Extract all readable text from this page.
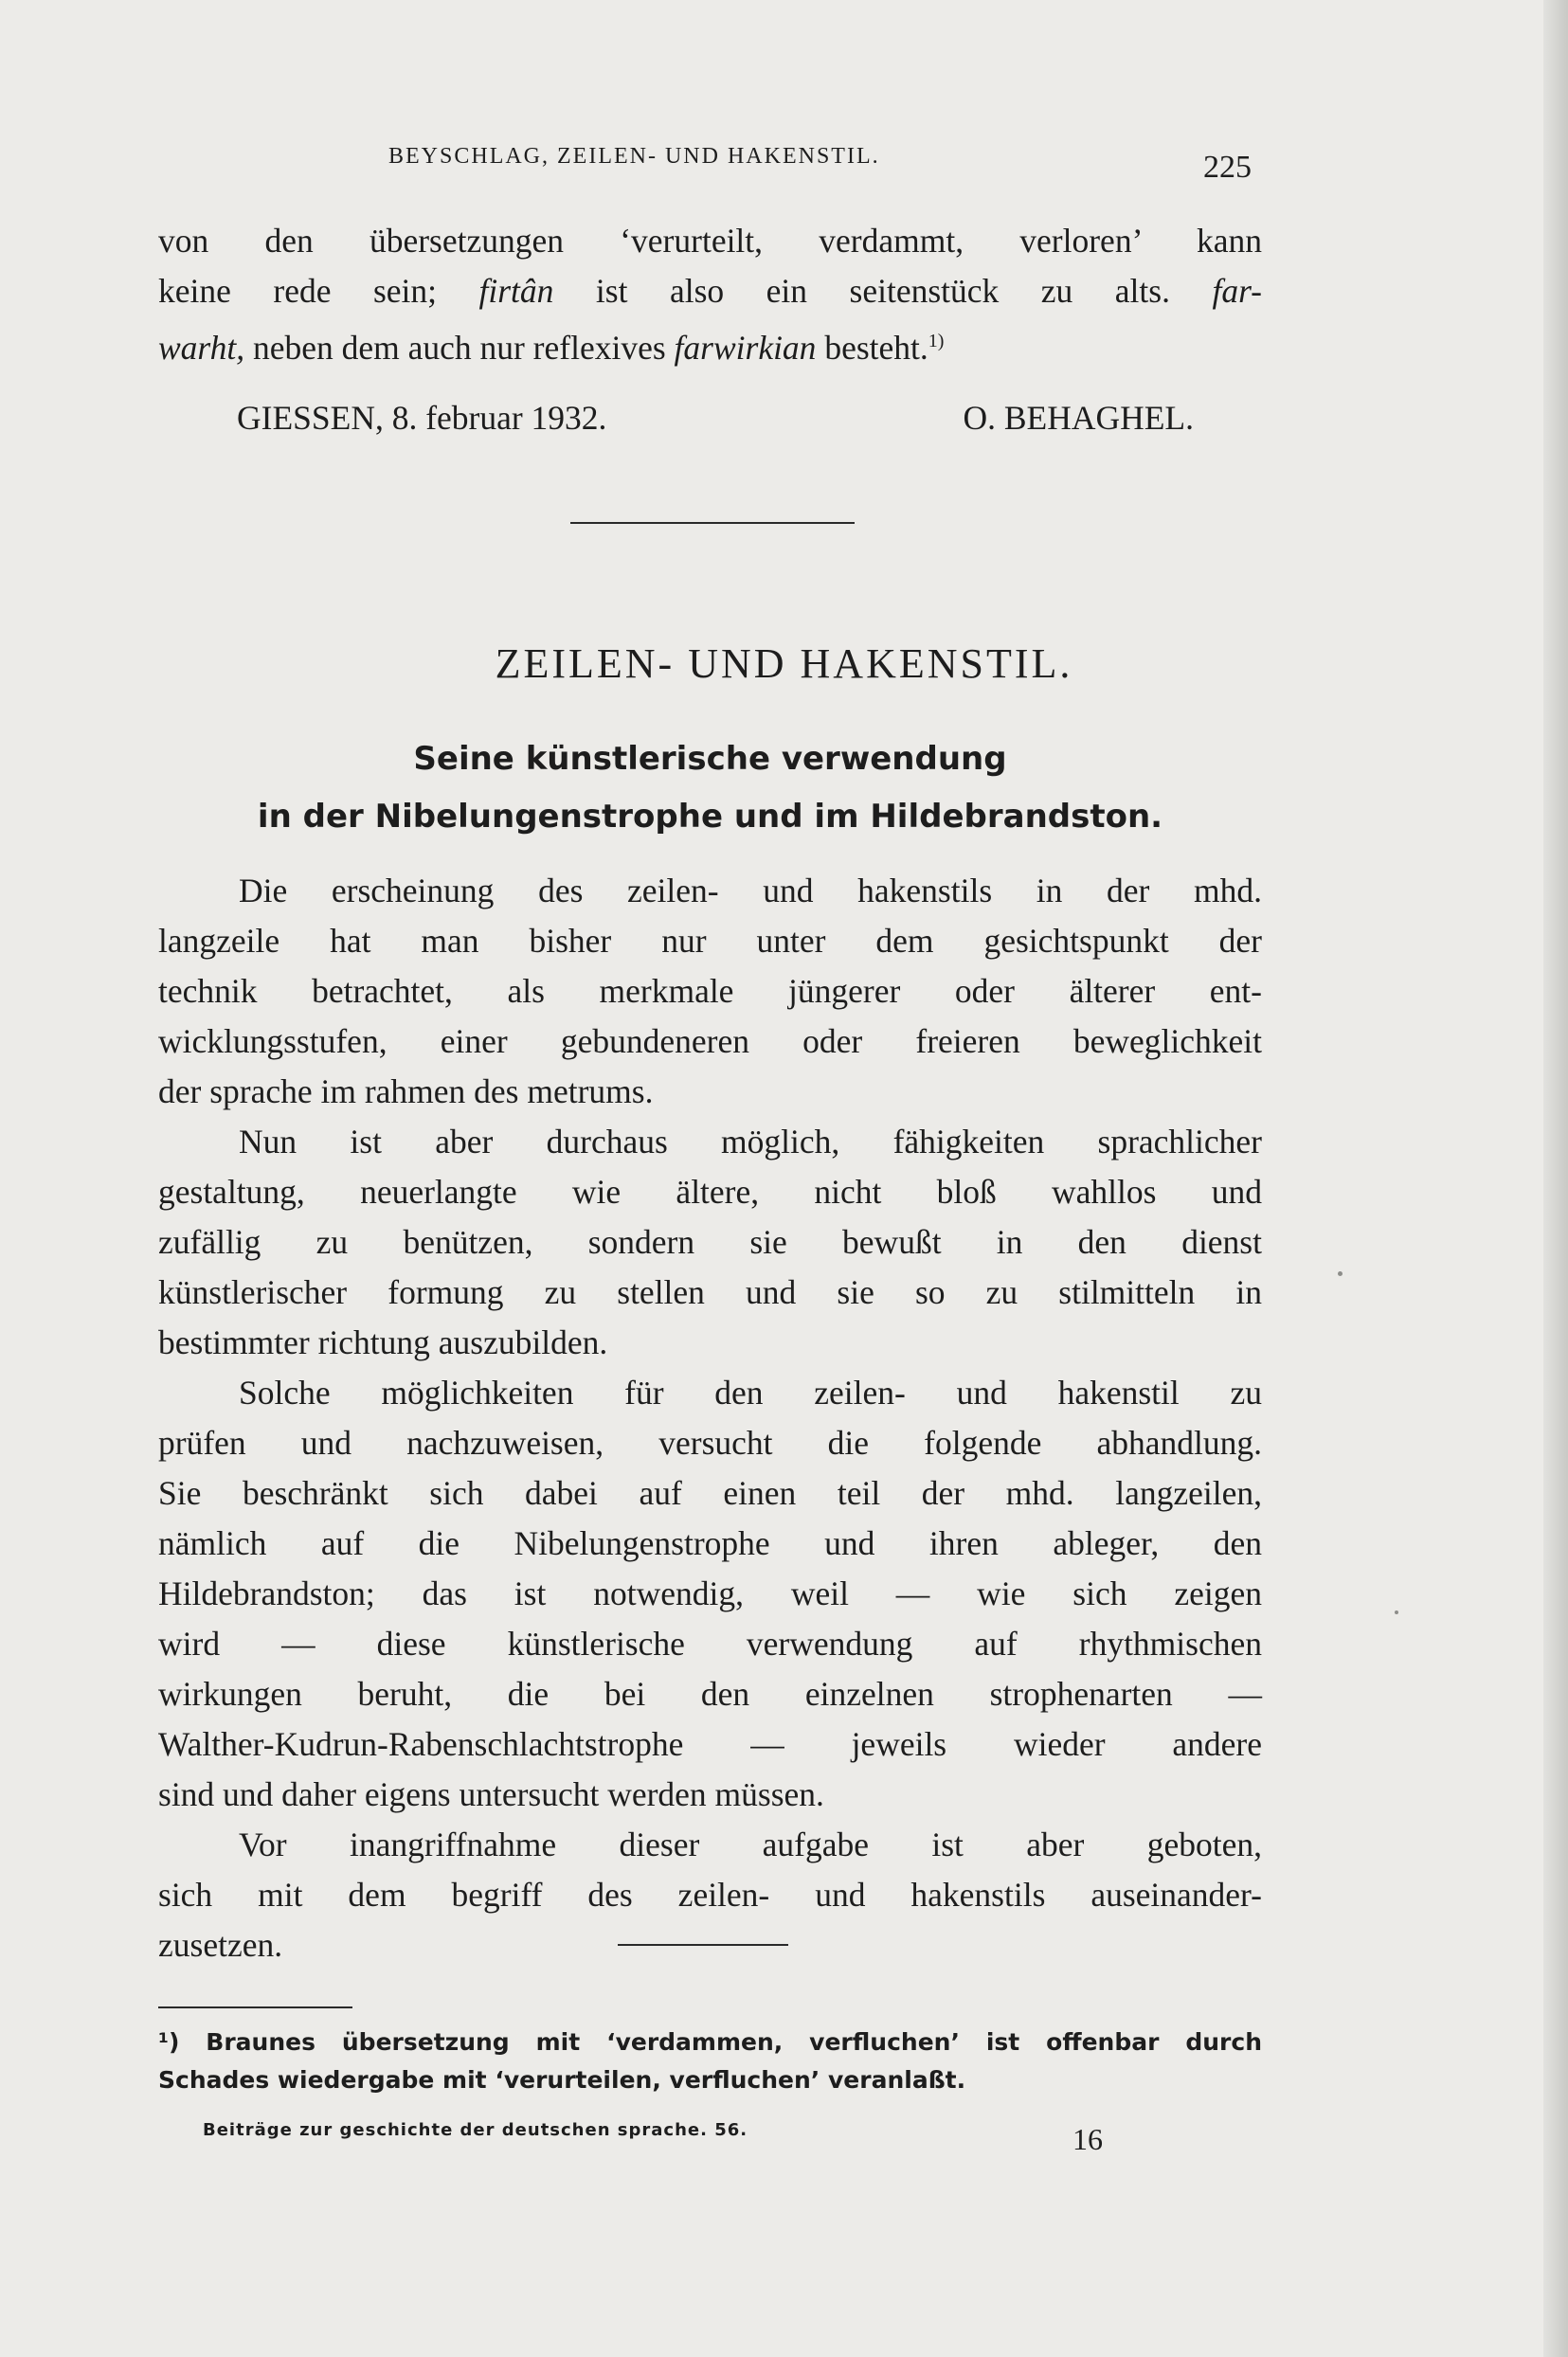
BEYSCHLAG, ZEILEN- UND HAKENSTIL.	225

von den übersetzungen ‘verurteilt, verdammt, verloren’ kann

keine rede sein; firtân ist also ein seitenstück zu alts. far-

warht, neben dem auch nur reflexives farwirkian besteht.$^{1)}$

GIESSEN, 8. februar 1932.	O. BEHAGHEL.
ZEILEN- UND HAKENSTIL.
Seine künstlerische verwendung
in der Nibelungenstrophe und im Hildebrandston.

Die erscheinung des zeilen- und hakenstils in der mhd.

langzeile hat man bisher nur unter dem gesichtspunkt der

technik betrachtet, als merkmale jüngerer oder älterer ent-

wicklungsstufen, einer gebundeneren oder freieren beweglichkeit

der sprache im rahmen des metrums.

Nun ist aber durchaus möglich, fähigkeiten sprachlicher

gestaltung, neuerlangte wie ältere, nicht bloß wahllos und

zufällig zu benützen, sondern sie bewußt in den dienst

künstlerischer formung zu stellen und sie so zu stilmitteln in

bestimmter richtung auszubilden.

Solche möglichkeiten für den zeilen- und hakenstil zu

prüfen und nachzuweisen, versucht die folgende abhandlung.

Sie beschränkt sich dabei auf einen teil der mhd. langzeilen,

nämlich auf die Nibelungenstrophe und ihren ableger, den

Hildebrandston; das ist notwendig, weil — wie sich zeigen

wird — diese künstlerische verwendung auf rhythmischen

wirkungen beruht, die bei den einzelnen strophenarten —

Walther-Kudrun-Rabenschlachtstrophe — jeweils wieder andere

sind und daher eigens untersucht werden müssen.

Vor inangriffnahme dieser aufgabe ist aber geboten,

sich mit dem begriff des zeilen- und hakenstils auseinander-

zusetzen.

¹) Braunes übersetzung mit ‘verdammen, verfluchen’ ist offenbar durch
Schades wiedergabe mit ‘verurteilen, verfluchen’ veranlaßt.
Beiträge zur geschichte der deutschen sprache. 56.	16
